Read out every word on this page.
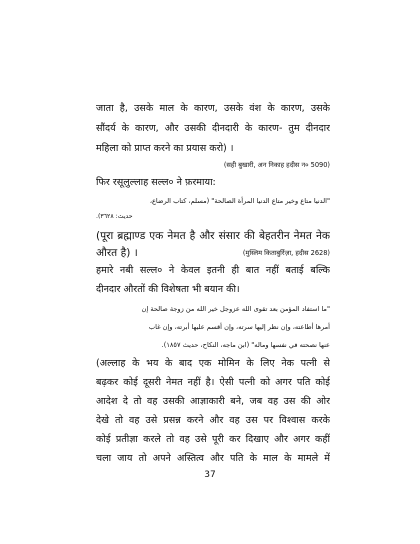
जाता है, उसके माल के कारण, उसके वंश के कारण, उसके
सौंदर्य के कारण, और उसकी दीनदारी के कारण- तुम दीनदार
महिला को प्राप्त करने का प्रयास करो) ।
(सही बुखारी, अन निकाह हदीस न० 5090)
फिर रसूलुल्लाह सल्ल० ने फ़रमाया:
"الدنيا متاع وخير متاع الدنيا المرأة الصالحة" (مسلم، كتاب الرضاع،
حديث: ٣٦٢٨).
(पूरा ब्रह्माण्ड एक नेमत है और संसार की बेहतरीन नेमत नेक
औरत है) ।	(मुस्लिम किताबुर्रिज़ा, हदीस 2628)
हमारे नबी सल्ल० ने केवल इतनी ही बात नहीं बताई बल्कि
दीनदार औरतों की विशेषता भी बयान की।
"ما استفاد المؤمن بعد تقوى الله عزوجل خير الله من زوجة صالحة إن
أمرها أطاعته، وإن نظر إليها سرته، وإن أقسم عليها أبرته، وإن غاب
عنها نصحته في نفسها وماله" (ابن ماجه، النكاح، حديث ١٨٥٧).
(अल्लाह के भय के बाद एक मोमिन के लिए नेक पत्नी से
बढ़कर कोई दूसरी नेमत नहीं है। ऐसी पत्नी को अगर पति कोई
आदेश दे तो वह उसकी आज्ञाकारी बने, जब वह उस की ओर
देखे तो वह उसे प्रसन्न करने और वह उस पर विश्वास करके
कोई प्रतीज्ञा करले तो वह उसे पूरी कर दिखाए और अगर कहीं
चला जाय तो अपने अस्तित्व और पति के माल के मामले में
37
